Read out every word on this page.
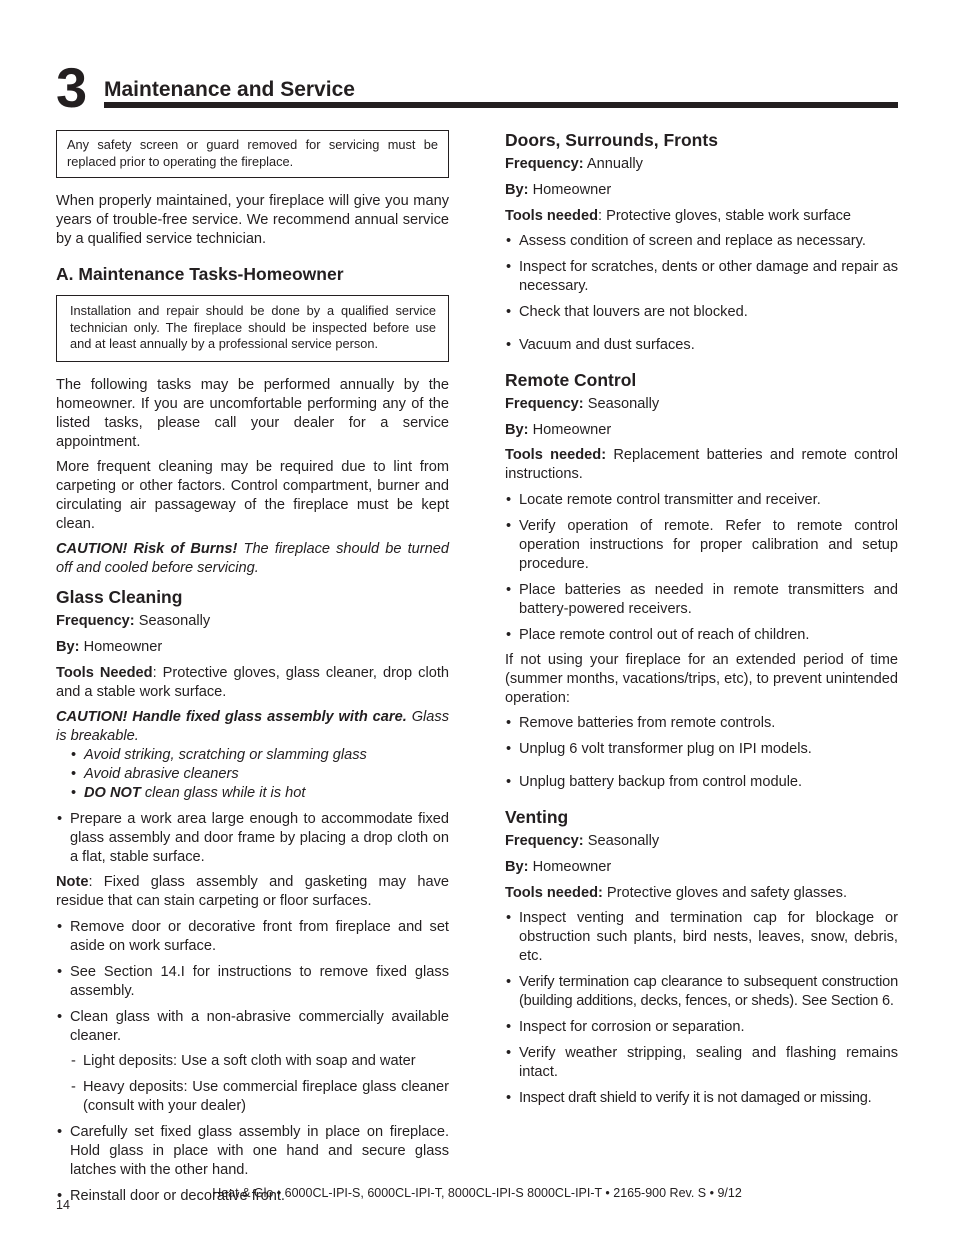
3 Maintenance and Service
Any safety screen or guard removed for servicing must be replaced prior to operating the fireplace.

When properly maintained, your fireplace will give you many years of trouble-free service. We recommend annual service by a qualified service technician.

A. Maintenance Tasks-Homeowner
Installation and repair should be done by a qualified service technician only. The fireplace should be inspected before use and at least annually by a professional service person.

The following tasks may be performed annually by the homeowner. If you are uncomfortable performing any of the listed tasks, please call your dealer for a service appointment.

More frequent cleaning may be required due to lint from carpeting or other factors. Control compartment, burner and circulating air passageway of the fireplace must be kept clean.

CAUTION! Risk of Burns! The fireplace should be turned off and cooled before servicing.

Glass Cleaning

Frequency: Seasonally

By: Homeowner

Tools Needed: Protective gloves, glass cleaner, drop cloth and a stable work surface.

CAUTION! Handle fixed glass assembly with care. Glass is breakable.

• Avoid striking, scratching or slamming glass
• Avoid abrasive cleaners
• DO NOT clean glass while it is hot
• Prepare a work area large enough to accommodate fixed glass assembly and door frame by placing a drop cloth on a flat, stable surface.

Note: Fixed glass assembly and gasketing may have residue that can stain carpeting or floor surfaces.

• Remove door or decorative front from fireplace and set aside on work surface.
• See Section 14.I for instructions to remove fixed glass assembly.
• Clean glass with a non-abrasive commercially available cleaner.
- Light deposits: Use a soft cloth with soap and water
- Heavy deposits: Use commercial fireplace glass cleaner (consult with your dealer)
• Carefully set fixed glass assembly in place on fireplace. Hold glass in place with one hand and secure glass latches with the other hand.
• Reinstall door or decorative front.
Doors, Surrounds, Fronts

Frequency: Annually

By: Homeowner

Tools needed: Protective gloves, stable work surface

• Assess condition of screen and replace as necessary.
• Inspect for scratches, dents or other damage and repair as necessary.
• Check that louvers are not blocked.
• Vacuum and dust surfaces.
Remote Control

Frequency: Seasonally

By: Homeowner

Tools needed: Replacement batteries and remote control instructions.

• Locate remote control transmitter and receiver.
• Verify operation of remote. Refer to remote control operation instructions for proper calibration and setup procedure.
• Place batteries as needed in remote transmitters and battery-powered receivers.
• Place remote control out of reach of children.

If not using your fireplace for an extended period of time (summer months, vacations/trips, etc), to prevent unintended operation:

• Remove batteries from remote controls.
• Unplug 6 volt transformer plug on IPI models.
• Unplug battery backup from control module.
Venting

Frequency: Seasonally

By: Homeowner

Tools needed: Protective gloves and safety glasses.

• Inspect venting and termination cap for blockage or obstruction such plants, bird nests, leaves, snow, debris, etc.
• Verify termination cap clearance to subsequent construction (building additions, decks, fences, or sheds). See Section 6.
• Inspect for corrosion or separation.
• Verify weather stripping, sealing and flashing remains intact.
• Inspect draft shield to verify it is not damaged or missing.
Heat & Glo • 6000CL-IPI-S, 6000CL-IPI-T, 8000CL-IPI-S 8000CL-IPI-T • 2165-900 Rev. S • 9/12
14
